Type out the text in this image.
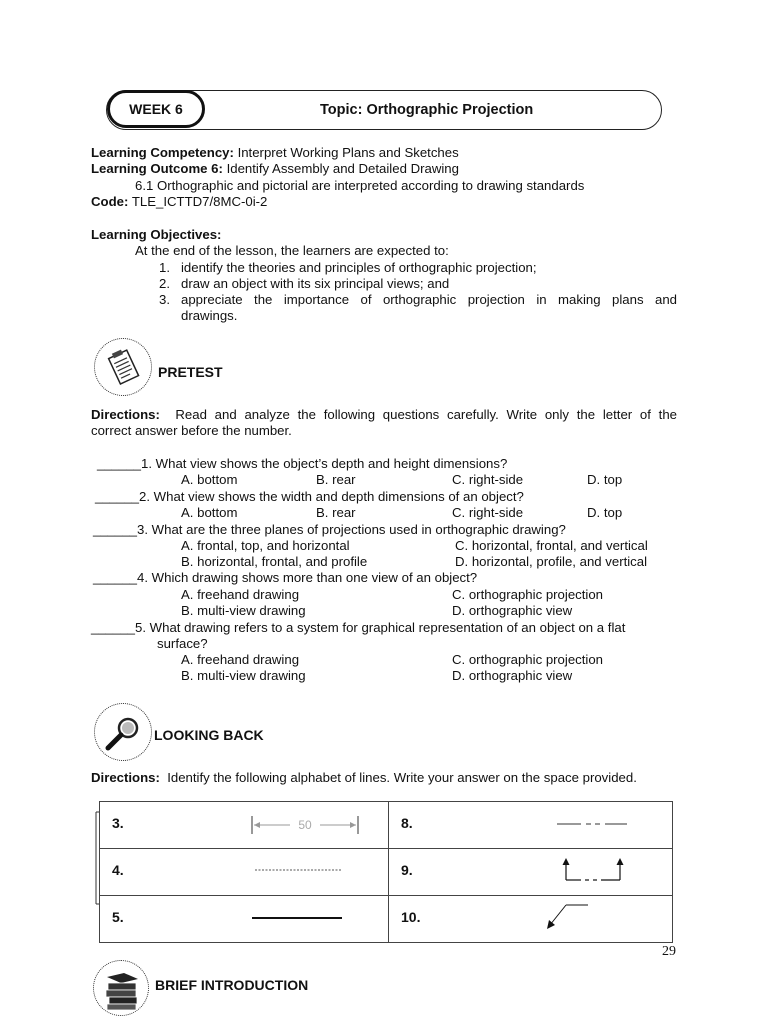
WEEK 6	Topic: Orthographic Projection
Learning Competency: Interpret Working Plans and Sketches
Learning Outcome 6: Identify Assembly and Detailed Drawing
6.1 Orthographic and pictorial are interpreted according to drawing standards
Code: TLE_ICTTD7/8MC-0i-2
Learning Objectives:
At the end of the lesson, the learners are expected to:
1. identify the theories and principles of orthographic projection;
2. draw an object with its six principal views; and
3. appreciate the importance of orthographic projection in making plans and
drawings.
PRETEST
Directions: Read and analyze the following questions carefully. Write only the letter of the
correct answer before the number.
______1. What view shows the object’s depth and height dimensions?
A. bottom	B. rear	C. right-side	D. top
______2. What view shows the width and depth dimensions of an object?
A. bottom	B. rear	C. right-side	D. top
______3. What are the three planes of projections used in orthographic drawing?
A. frontal, top, and horizontal	C. horizontal, frontal, and vertical
B. horizontal, frontal, and profile	D. horizontal, profile, and vertical
______4. Which drawing shows more than one view of an object?
A. freehand drawing	C. orthographic projection
B. multi-view drawing	D. orthographic view
______5. What drawing refers to a system for graphical representation of an object on a flat
surface?
A. freehand drawing	C. orthographic projection
B. multi-view drawing	D. orthographic view
LOOKING BACK
Directions: Identify the following alphabet of lines. Write your answer on the space provided.
3. 50	8.

4.	9.

5.	10.
29
BRIEF INTRODUCTION
